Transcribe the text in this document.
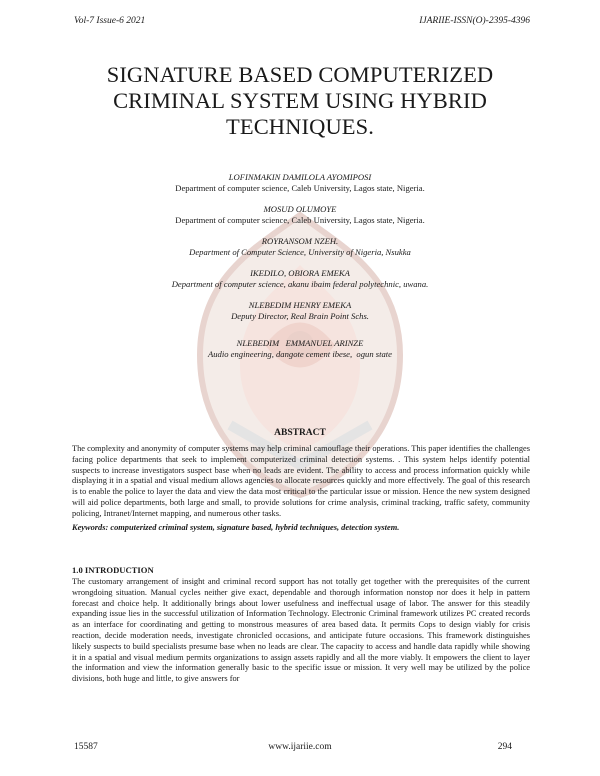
Vol-7 Issue-6 2021	IJARIIE-ISSN(O)-2395-4396
SIGNATURE BASED COMPUTERIZED CRIMINAL SYSTEM USING HYBRID TECHNIQUES.
LOFINMAKIN DAMILOLA AYOMIPOSI
Department of computer science, Caleb University, Lagos state, Nigeria.
MOSUD OLUMOYE
Department of computer science, Caleb University, Lagos state, Nigeria.
ROYRANSOM NZEH.
Department of Computer Science, University of Nigeria, Nsukka
IKEDILO, OBIORA EMEKA
Department of computer science, akanu ibaim federal polytechnic, uwana.
NLEBEDIM HENRY EMEKA
Deputy Director, Real Brain Point Schs.
NLEBEDIM   EMMANUEL ARINZE
Audio engineering, dangote cement ibese,  ogun state
ABSTRACT
The complexity and anonymity of computer systems may help criminal camouflage their operations. This paper identifies the challenges facing police departments that seek to implement computerized criminal detection systems. . This system helps identify potential suspects to increase investigators suspect base when no leads are evident. The ability to access and process information quickly while displaying it in a spatial and visual medium allows agencies to allocate resources quickly and more effectively. The goal of this research is to enable the police to layer the data and view the data most critical to the particular issue or mission. Hence the new system designed will aid police departments, both large and small, to provide solutions for crime analysis, criminal tracking, traffic safety, community policing, Intranet/Internet mapping, and numerous other tasks.
Keywords: computerized criminal system, signature based, hybrid techniques, detection system.
1.0 INTRODUCTION
The customary arrangement of insight and criminal record support has not totally get together with the prerequisites of the current wrongdoing situation. Manual cycles neither give exact, dependable and thorough information nonstop nor does it help in pattern forecast and choice help. It additionally brings about lower usefulness and ineffectual usage of labor. The answer for this steadily expanding issue lies in the successful utilization of Information Technology. Electronic Criminal framework utilizes PC created records as an interface for coordinating and getting to monstrous measures of area based data. It permits Cops to design viably for crisis reaction, decide moderation needs, investigate chronicled occasions, and anticipate future occasions. This framework distinguishes likely suspects to build specialists presume base when no leads are clear. The capacity to access and handle data rapidly while showing it in a spatial and visual medium permits organizations to assign assets rapidly and all the more viably. It empowers the client to layer the information and view the information generally basic to the specific issue or mission. It very well may be utilized by the police divisions, both huge and little, to give answers for
15587	www.ijariie.com	294
